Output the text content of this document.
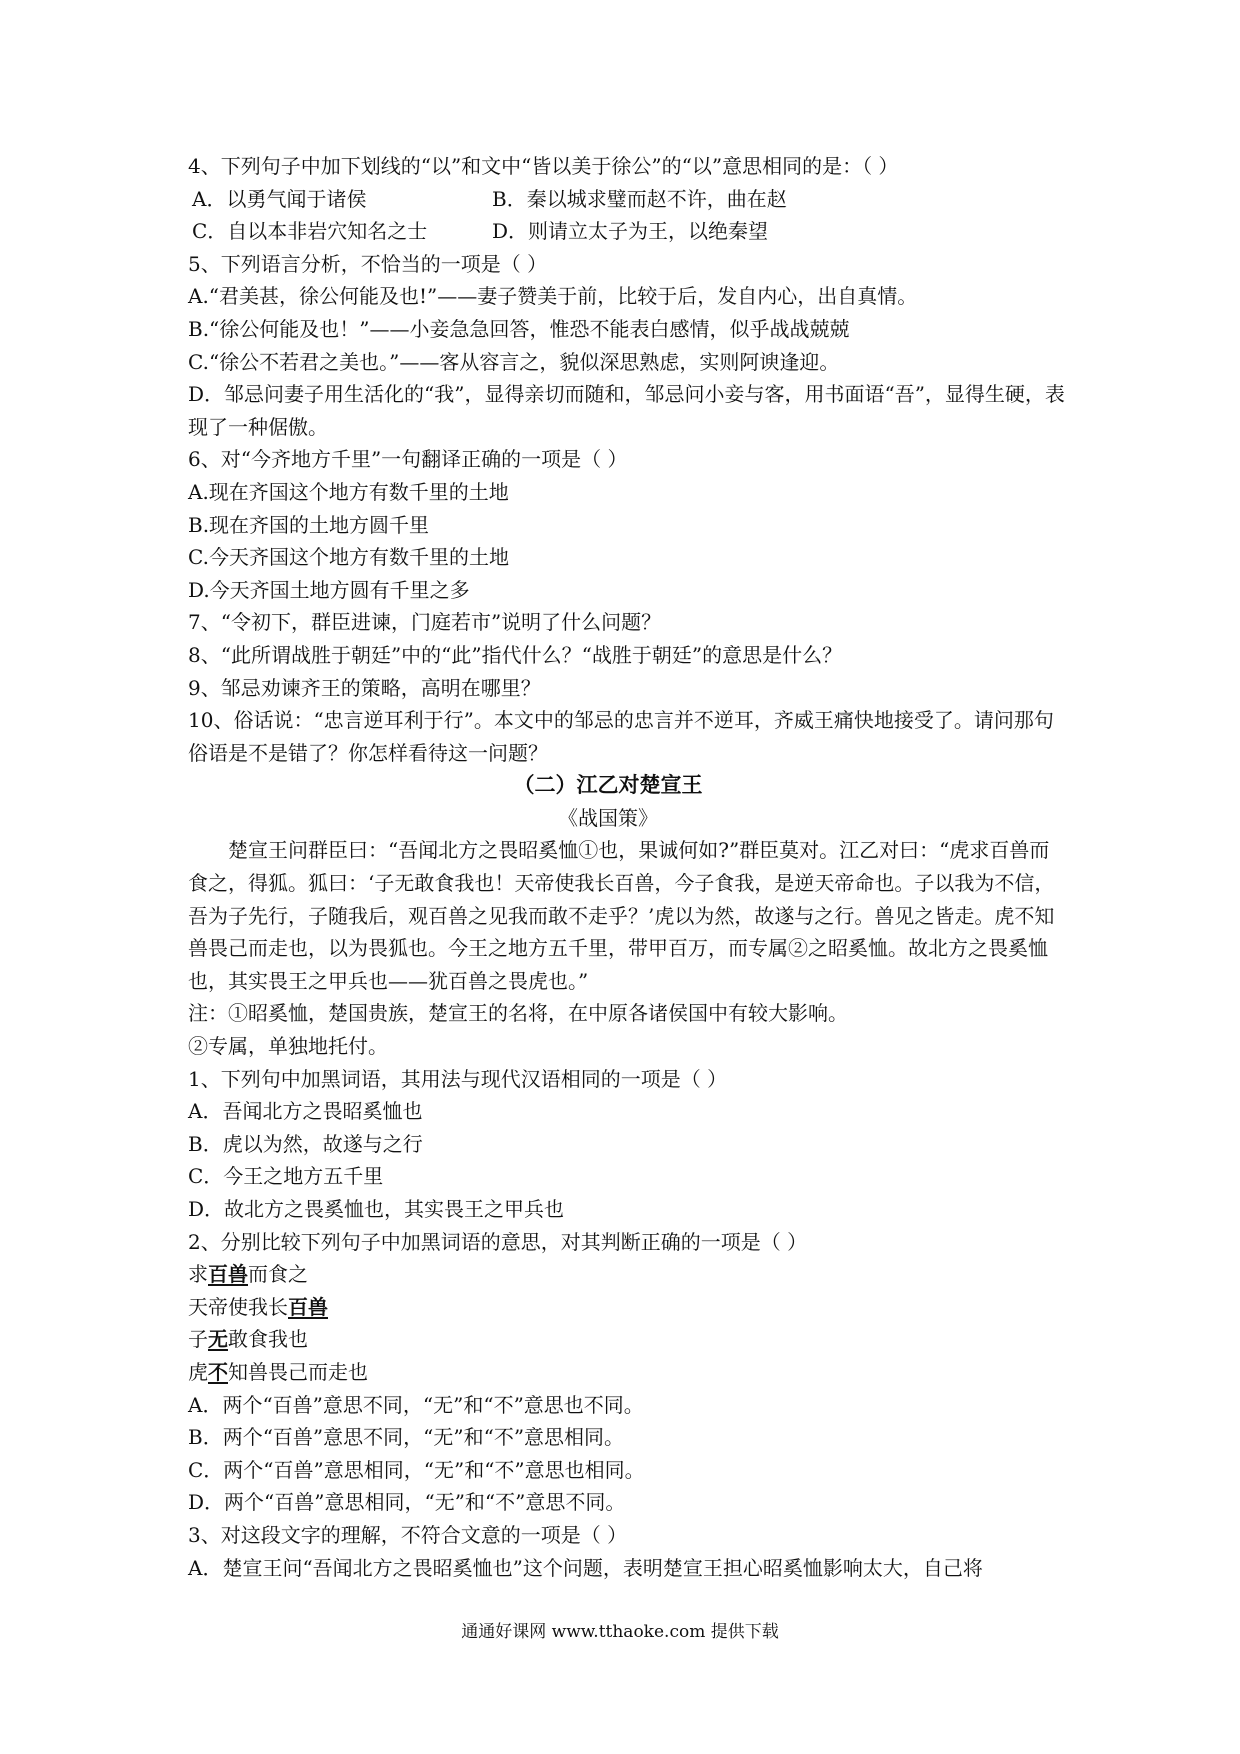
4、下列句子中加下划线的“以”和文中“皆以美于徐公”的“以”意思相同的是：（ ）
A．以勇气闻于诸侯	B．秦以城求璧而赵不许，曲在赵
C．自以本非岩穴知名之士	D．则请立太子为王，以绝秦望
5、下列语言分析，不恰当的一项是（ ）
A.“君美甚，徐公何能及也!”——妻子赞美于前，比较于后，发自内心，出自真情。
B.“徐公何能及也！”——小妾急急回答，惟恐不能表白感情，似乎战战兢兢
C.“徐公不若君之美也。”——客从容言之，貌似深思熟虑，实则阿谀逢迎。
D．邹忌问妻子用生活化的“我”，显得亲切而随和，邹忌问小妾与客，用书面语“吾”，显得生硬，表现了一种倨傲。
6、对“今齐地方千里”一句翻译正确的一项是（ ）
A.现在齐国这个地方有数千里的土地
B.现在齐国的土地方圆千里
C.今天齐国这个地方有数千里的土地
D.今天齐国土地方圆有千里之多
7、“令初下，群臣进谏，门庭若市”说明了什么问题？
8、“此所谓战胜于朝廷”中的“此”指代什么？“战胜于朝廷”的意思是什么？
9、邹忌劝谏齐王的策略，高明在哪里？
10、俗话说：“忠言逆耳利于行”。本文中的邹忌的忠言并不逆耳，齐威王痛快地接受了。请问那句俗语是不是错了？你怎样看待这一问题？
（二）江乙对楚宣王
《战国策》
楚宣王问群臣曰：“吾闻北方之畏昭奚恤①也，果诚何如?”群臣莫对。江乙对曰：“虎求百兽而食之，得狐。狐曰：‘子无敢食我也！天帝使我长百兽，今子食我，是逆天帝命也。子以我为不信，吾为子先行，子随我后，观百兽之见我而敢不走乎？’虎以为然，故遂与之行。兽见之皆走。虎不知兽畏己而走也，以为畏狐也。今王之地方五千里，带甲百万，而专属②之昭奚恤。故北方之畏奚恤也，其实畏王之甲兵也——犹百兽之畏虎也。”
注：①昭奚恤，楚国贵族，楚宣王的名将，在中原各诸侯国中有较大影响。
②专属，单独地托付。
1、下列句中加黑词语，其用法与现代汉语相同的一项是（ ）
A．吾闻北方之畏昭奚恤也
B．虎以为然，故遂与之行
C．今王之地方五千里
D．故北方之畏奚恤也，其实畏王之甲兵也
2、分别比较下列句子中加黑词语的意思，对其判断正确的一项是（ ）
求百兽而食之
天帝使我长百兽
子无敢食我也
虎不知兽畏己而走也
A．两个“百兽”意思不同，“无”和“不”意思也不同。
B．两个“百兽”意思不同，“无”和“不”意思相同。
C．两个“百兽”意思相同，“无”和“不”意思也相同。
D．两个“百兽”意思相同，“无”和“不”意思不同。
3、对这段文字的理解，不符合文意的一项是（ ）
A．楚宣王问“吾闻北方之畏昭奚恤也”这个问题，表明楚宣王担心昭奚恤影响太大，自己将
通通好课网 www.tthaoke.com 提供下载
